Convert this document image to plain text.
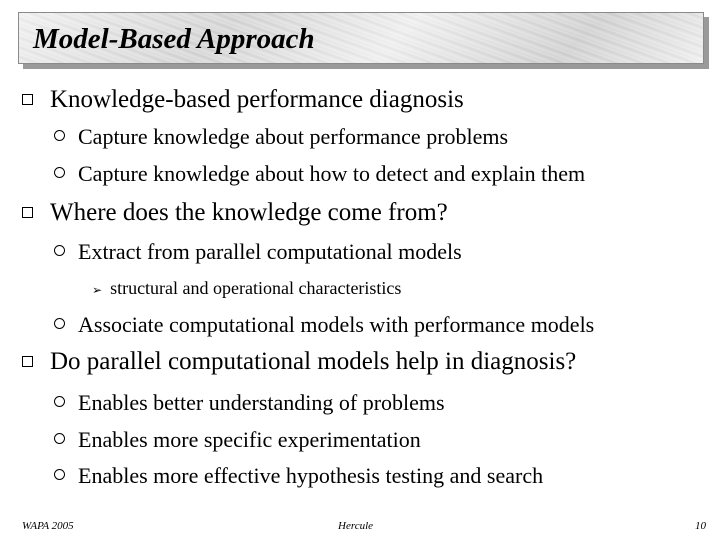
Model-Based Approach
Knowledge-based performance diagnosis
Capture knowledge about performance problems
Capture knowledge about how to detect and explain them
Where does the knowledge come from?
Extract from parallel computational models
➢ structural and operational characteristics
Associate computational models with performance models
Do parallel computational models help in diagnosis?
Enables better understanding of problems
Enables more specific experimentation
Enables more effective hypothesis testing and search
WAPA 2005	Hercule	10
